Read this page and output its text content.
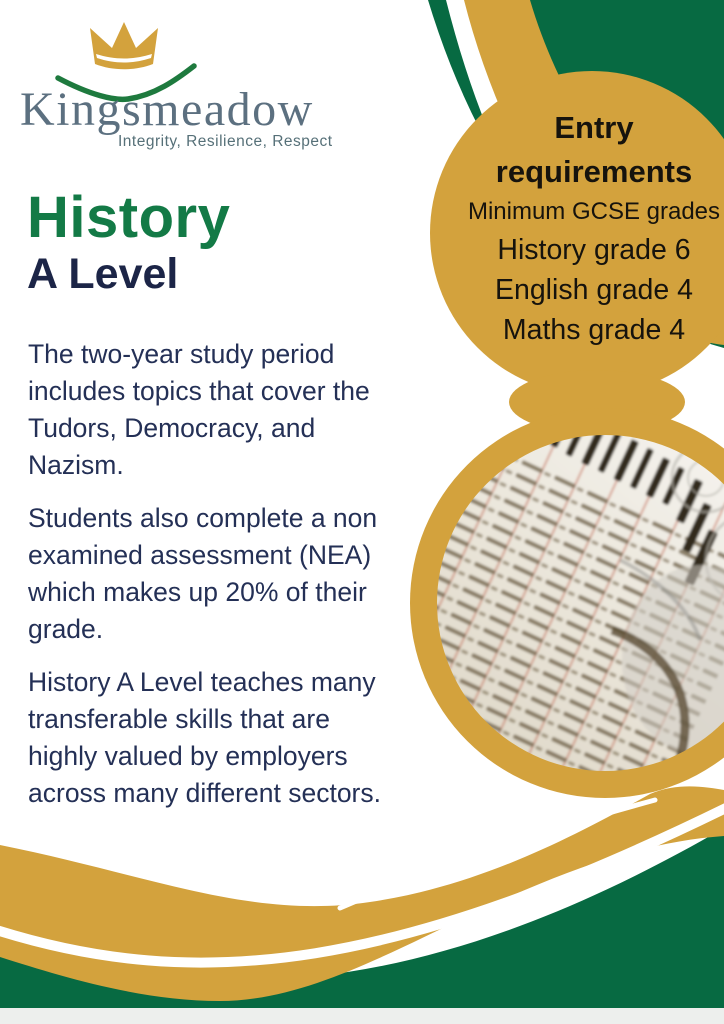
Kingsmeadow
Integrity, Resilience, Respect
History
A Level
The two-year study period
includes topics that cover the
Tudors, Democracy, and
Nazism.
Students also complete a non
examined assessment (NEA)
which makes up 20% of their
grade.
History A Level teaches many
transferable skills that are
highly valued by employers
across many different sectors.
Entry
requirements
Minimum GCSE grades
History grade 6
English grade 4
Maths grade 4
